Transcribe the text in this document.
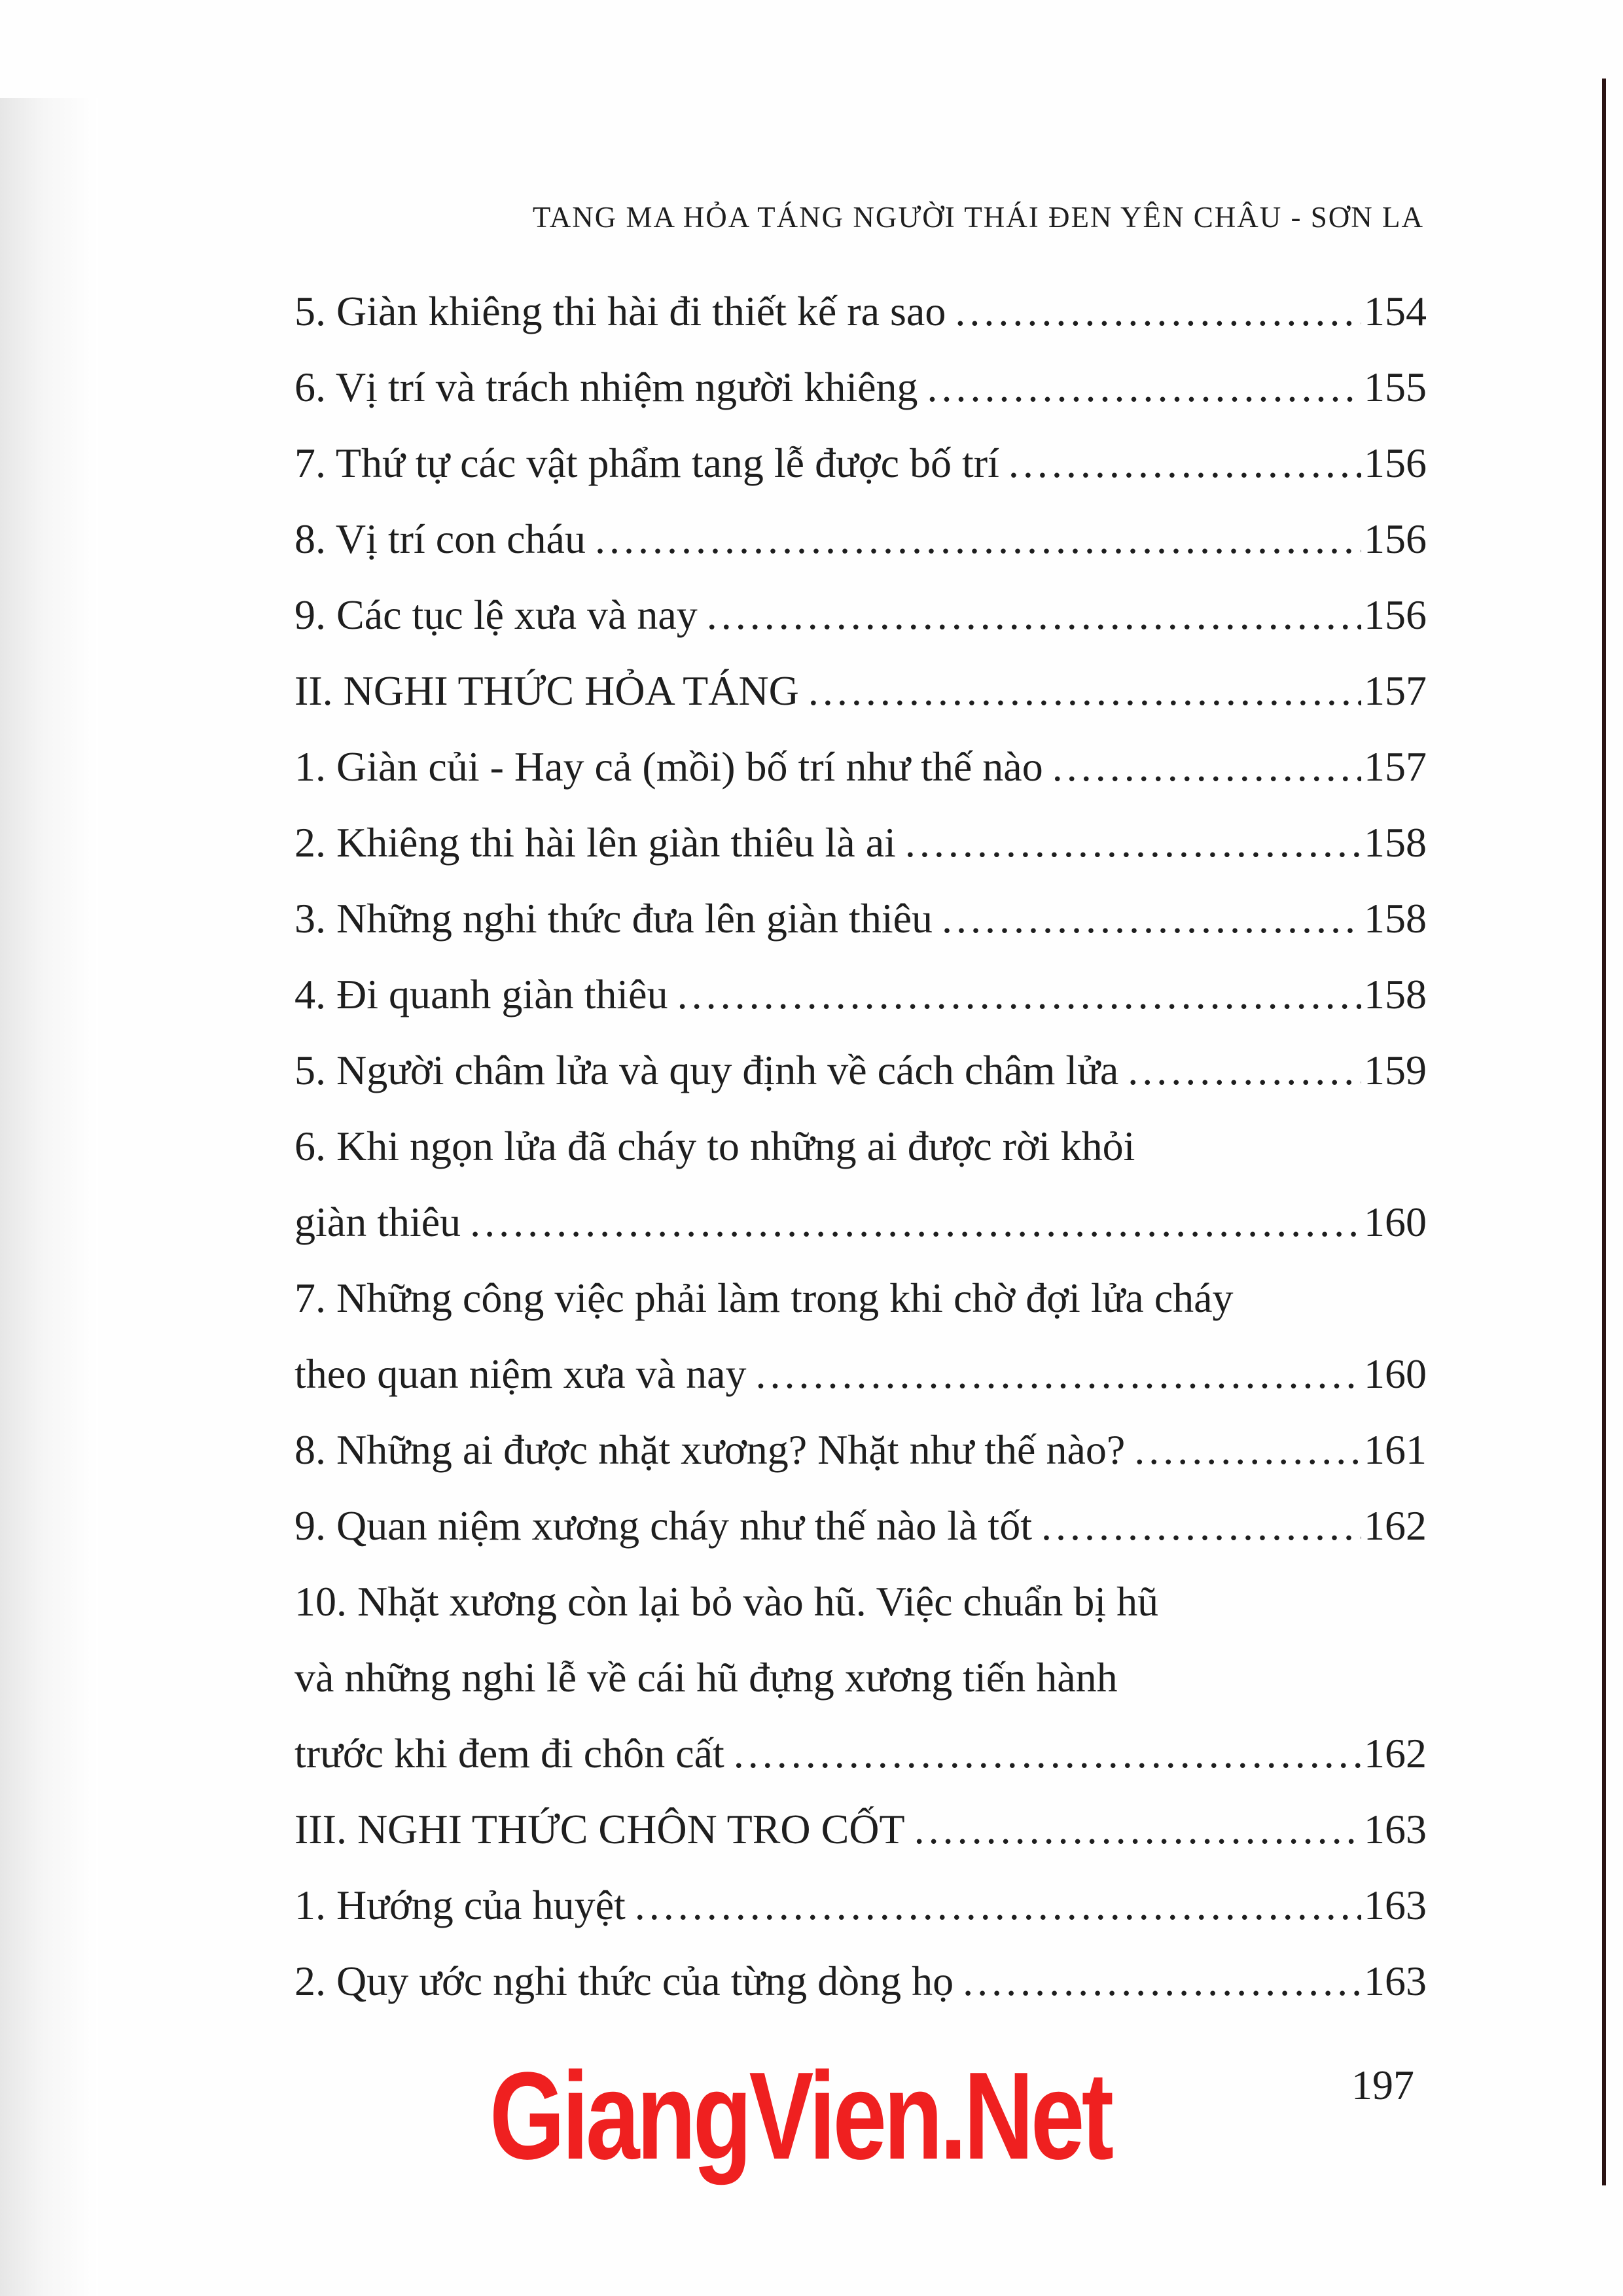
TANG MA HỎA TÁNG NGƯỜI THÁI ĐEN YÊN CHÂU - SƠN LA
5. Giàn khiêng thi hài đi thiết kế ra sao . . .	154
6. Vị trí và trách nhiệm người khiêng . . .	155
7. Thứ tự các vật phẩm tang lễ được bố trí . . .	156
8. Vị trí con cháu . . .	156
9. Các tục lệ xưa và nay . . .	156
II. NGHI THỨC HỎA TÁNG . . .	157
1. Giàn củi - Hay cả (mồi) bố trí như thế nào . . .	157
2. Khiêng thi hài lên giàn thiêu là ai . . .	158
3. Những nghi thức đưa lên giàn thiêu . . .	158
4. Đi quanh giàn thiêu . . .	158
5. Người châm lửa và quy định về cách châm lửa . . .	159
6. Khi ngọn lửa đã cháy to những ai được rời khỏi
giàn thiêu . . .	160
7. Những công việc phải làm trong khi chờ đợi lửa cháy
theo quan niệm xưa và nay . . .	160
8. Những ai được nhặt xương? Nhặt như thế nào? . . .	161
9. Quan niệm xương cháy như thế nào là tốt . . .	162
10. Nhặt xương còn lại bỏ vào hũ. Việc chuẩn bị hũ
và những nghi lễ về cái hũ đựng xương tiến hành
trước khi đem đi chôn cất . . .	162
III. NGHI THỨC CHÔN TRO CỐT . . .	163
1. Hướng của huyệt . . .	163
2. Quy ước nghi thức của từng dòng họ . . .	163
GiangVien.Net	197
